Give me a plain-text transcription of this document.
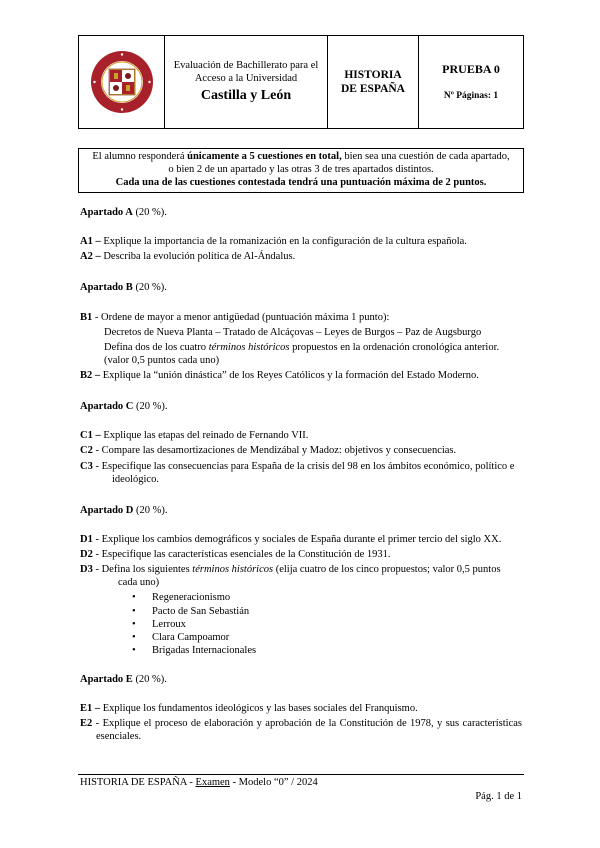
Evaluación de Bachillerato para el
Acceso a la Universidad
Castilla y León
HISTORIA DE ESPAÑA
PRUEBA 0
Nº Páginas: 1
El alumno responderá únicamente a 5 cuestiones en total, bien sea una cuestión de cada apartado,
o bien 2 de un apartado y las otras 3 de tres apartados distintos.
Cada una de las cuestiones contestada tendrá una puntuación máxima de 2 puntos.
Apartado A (20 %).
A1 – Explique la importancia de la romanización en la configuración de la cultura española.
A2 – Describa la evolución política de Al-Ándalus.
Apartado B (20 %).
B1 - Ordene de mayor a menor antigüedad (puntuación máxima 1 punto):
Decretos de Nueva Planta – Tratado de Alcáçovas – Leyes de Burgos – Paz de Augsburgo
Defina dos de los cuatro términos históricos propuestos en la ordenación cronológica anterior. (valor 0,5 puntos cada uno)
B2 – Explique la “unión dinástica” de los Reyes Católicos y la formación del Estado Moderno.
Apartado C (20 %).
C1 – Explique las etapas del reinado de Fernando VII.
C2 - Compare las desamortizaciones de Mendizábal y Madoz: objetivos y consecuencias.
C3 - Especifique las consecuencias para España de la crisis del 98 en los ámbitos económico, político e ideológico.
Apartado D (20 %).
D1 - Explique los cambios demográficos y sociales de España durante el primer tercio del siglo XX.
D2 - Especifique las características esenciales de la Constitución de 1931.
D3 - Defina los siguientes términos históricos (elija cuatro de los cinco propuestos; valor 0,5 puntos cada uno)
• Regeneracionismo
• Pacto de San Sebastián
• Lerroux
• Clara Campoamor
• Brigadas Internacionales
Apartado E (20 %).
E1 – Explique los fundamentos ideológicos y las bases sociales del Franquismo.
E2 - Explique el proceso de elaboración y aprobación de la Constitución de 1978, y sus características esenciales.
HISTORIA DE ESPAÑA - Examen - Modelo “0” / 2024
Pág. 1 de 1
